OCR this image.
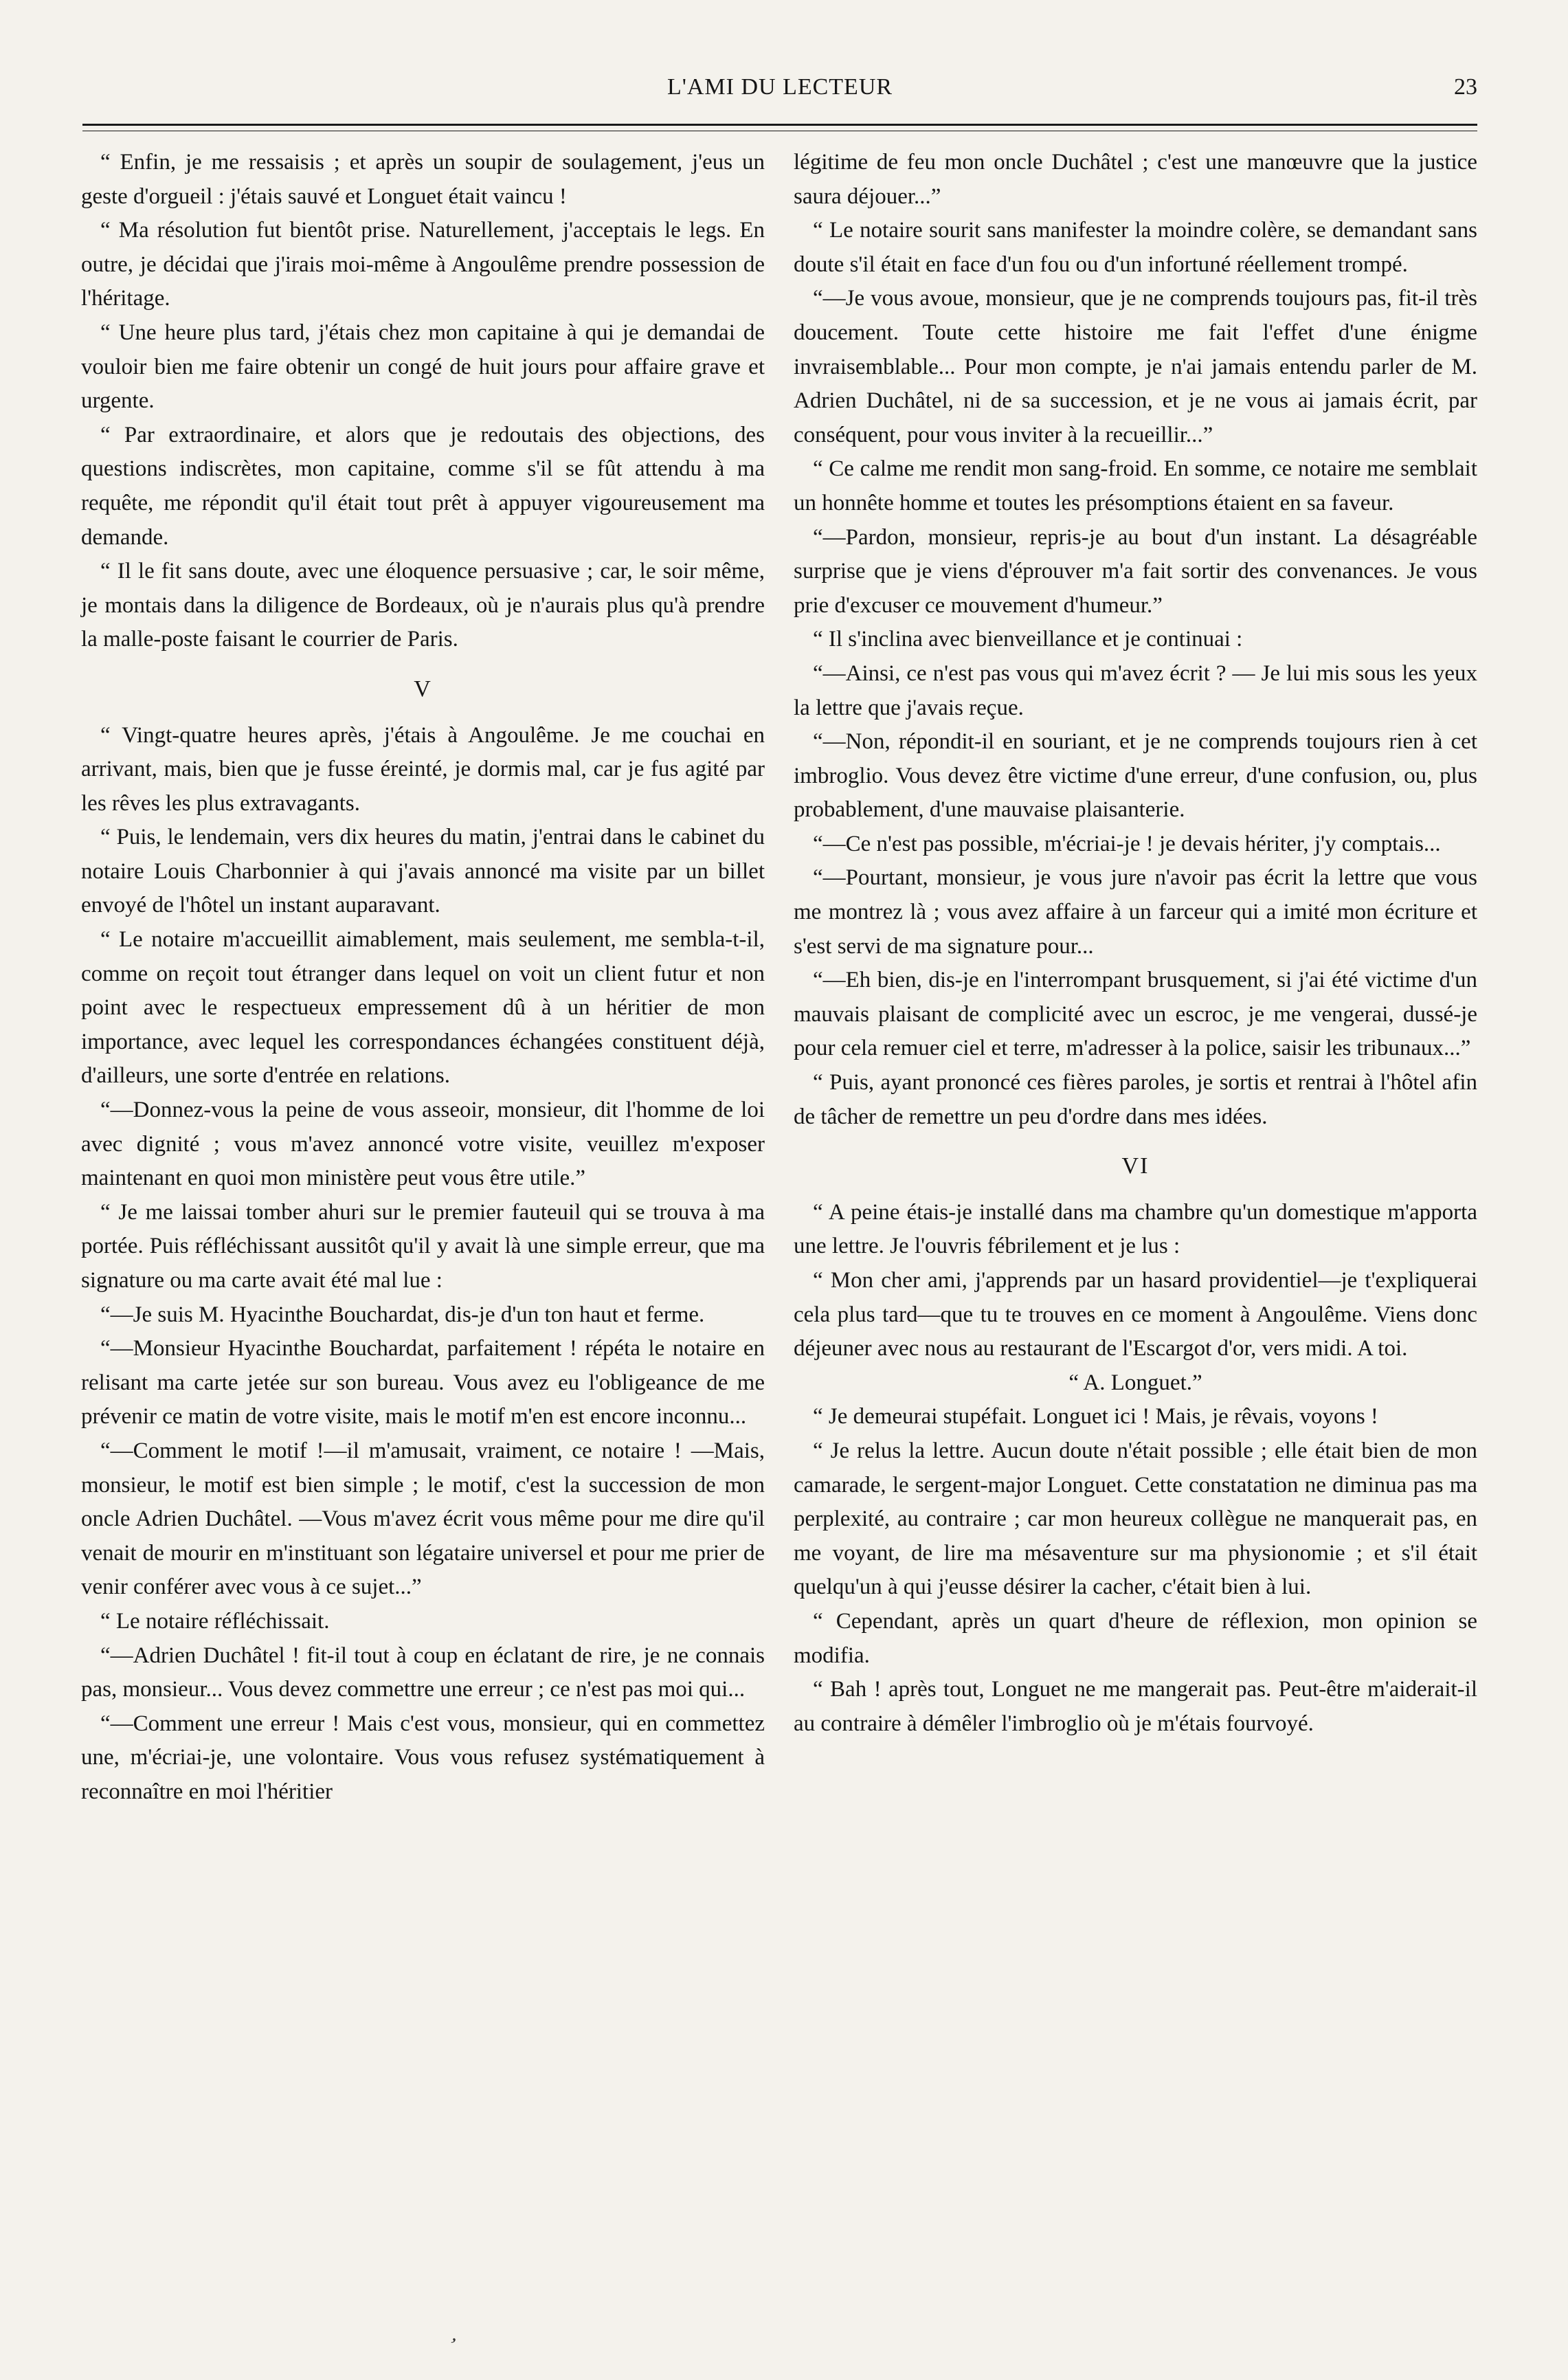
L'AMI DU LECTEUR	23

“ Enfin, je me ressaisis ; et après un soupir de soulagement, j'eus un geste d'orgueil : j'étais sauvé et Longuet était vaincu !

“ Ma résolution fut bientôt prise. Naturellement, j'acceptais le legs. En outre, je décidai que j'irais moi-même à Angoulême prendre possession de l'héritage.

“ Une heure plus tard, j'étais chez mon capitaine à qui je demandai de vouloir bien me faire obtenir un congé de huit jours pour affaire grave et urgente.

“ Par extraordinaire, et alors que je redoutais des objections, des questions indiscrètes, mon capitaine, comme s'il se fût attendu à ma requête, me répondit qu'il était tout prêt à appuyer vigoureusement ma demande.

“ Il le fit sans doute, avec une éloquence persuasive ; car, le soir même, je montais dans la diligence de Bordeaux, où je n'aurais plus qu'à prendre la malle-poste faisant le courrier de Paris.

V

“ Vingt-quatre heures après, j'étais à Angoulême. Je me couchai en arrivant, mais, bien que je fusse éreinté, je dormis mal, car je fus agité par les rêves les plus extravagants.

“ Puis, le lendemain, vers dix heures du matin, j'entrai dans le cabinet du notaire Louis Charbonnier à qui j'avais annoncé ma visite par un billet envoyé de l'hôtel un instant auparavant.

“ Le notaire m'accueillit aimablement, mais seulement, me sembla-t-il, comme on reçoit tout étranger dans lequel on voit un client futur et non point avec le respectueux empressement dû à un héritier de mon importance, avec lequel les correspondances échangées constituent déjà, d'ailleurs, une sorte d'entrée en relations.

“—Donnez-vous la peine de vous asseoir, monsieur, dit l'homme de loi avec dignité ; vous m'avez annoncé votre visite, veuillez m'exposer maintenant en quoi mon ministère peut vous être utile.”

“ Je me laissai tomber ahuri sur le premier fauteuil qui se trouva à ma portée. Puis réfléchissant aussitôt qu'il y avait là une simple erreur, que ma signature ou ma carte avait été mal lue :

“—Je suis M. Hyacinthe Bouchardat, dis-je d'un ton haut et ferme.

“—Monsieur Hyacinthe Bouchardat, parfaitement ! répéta le notaire en relisant ma carte jetée sur son bureau. Vous avez eu l'obligeance de me prévenir ce matin de votre visite, mais le motif m'en est encore inconnu...

“—Comment le motif !—il m'amusait, vraiment, ce notaire ! —Mais, monsieur, le motif est bien simple ; le motif, c'est la succession de mon oncle Adrien Duchâtel. —Vous m'avez écrit vous même pour me dire qu'il venait de mourir en m'instituant son légataire universel et pour me prier de venir conférer avec vous à ce sujet...”

“ Le notaire réfléchissait.

“—Adrien Duchâtel ! fit-il tout à coup en éclatant de rire, je ne connais pas, monsieur... Vous devez commettre une erreur ; ce n'est pas moi qui...

“—Comment une erreur ! Mais c'est vous, monsieur, qui en commettez une, m'écriai-je, une volontaire. Vous vous refusez systématiquement à reconnaître en moi l'héritier

légitime de feu mon oncle Duchâtel ; c'est une manœuvre que la justice saura déjouer...”

“ Le notaire sourit sans manifester la moindre colère, se demandant sans doute s'il était en face d'un fou ou d'un infortuné réellement trompé.

“—Je vous avoue, monsieur, que je ne comprends toujours pas, fit-il très doucement. Toute cette histoire me fait l'effet d'une énigme invraisemblable... Pour mon compte, je n'ai jamais entendu parler de M. Adrien Duchâtel, ni de sa succession, et je ne vous ai jamais écrit, par conséquent, pour vous inviter à la recueillir...”

“ Ce calme me rendit mon sang-froid. En somme, ce notaire me semblait un honnête homme et toutes les présomptions étaient en sa faveur.

“—Pardon, monsieur, repris-je au bout d'un instant. La désagréable surprise que je viens d'éprouver m'a fait sortir des convenances. Je vous prie d'excuser ce mouvement d'humeur.”

“ Il s'inclina avec bienveillance et je continuai :

“—Ainsi, ce n'est pas vous qui m'avez écrit ? — Je lui mis sous les yeux la lettre que j'avais reçue.

“—Non, répondit-il en souriant, et je ne comprends toujours rien à cet imbroglio. Vous devez être victime d'une erreur, d'une confusion, ou, plus probablement, d'une mauvaise plaisanterie.

“—Ce n'est pas possible, m'écriai-je ! je devais hériter, j'y comptais...

“—Pourtant, monsieur, je vous jure n'avoir pas écrit la lettre que vous me montrez là ; vous avez affaire à un farceur qui a imité mon écriture et s'est servi de ma signature pour...

“—Eh bien, dis-je en l'interrompant brusquement, si j'ai été victime d'un mauvais plaisant de complicité avec un escroc, je me vengerai, dussé-je pour cela remuer ciel et terre, m'adresser à la police, saisir les tribunaux...”

“ Puis, ayant prononcé ces fières paroles, je sortis et rentrai à l'hôtel afin de tâcher de remettre un peu d'ordre dans mes idées.

VI

“ A peine étais-je installé dans ma chambre qu'un domestique m'apporta une lettre. Je l'ouvris fébrilement et je lus :

“ Mon cher ami, j'apprends par un hasard providentiel—je t'expliquerai cela plus tard—que tu te trouves en ce moment à Angoulême. Viens donc déjeuner avec nous au restaurant de l'Escargot d'or, vers midi. A toi.

“ A. Longuet.”

“ Je demeurai stupéfait. Longuet ici ! Mais, je rêvais, voyons !

“ Je relus la lettre. Aucun doute n'était possible ; elle était bien de mon camarade, le sergent-major Longuet. Cette constatation ne diminua pas ma perplexité, au contraire ; car mon heureux collègue ne manquerait pas, en me voyant, de lire ma mésaventure sur ma physionomie ; et s'il était quelqu'un à qui j'eusse désirer la cacher, c'était bien à lui.

“ Cependant, après un quart d'heure de réflexion, mon opinion se modifia.

“ Bah ! après tout, Longuet ne me mangerait pas. Peut-être m'aiderait-il au contraire à démêler l'imbroglio où je m'étais fourvoyé.

,
